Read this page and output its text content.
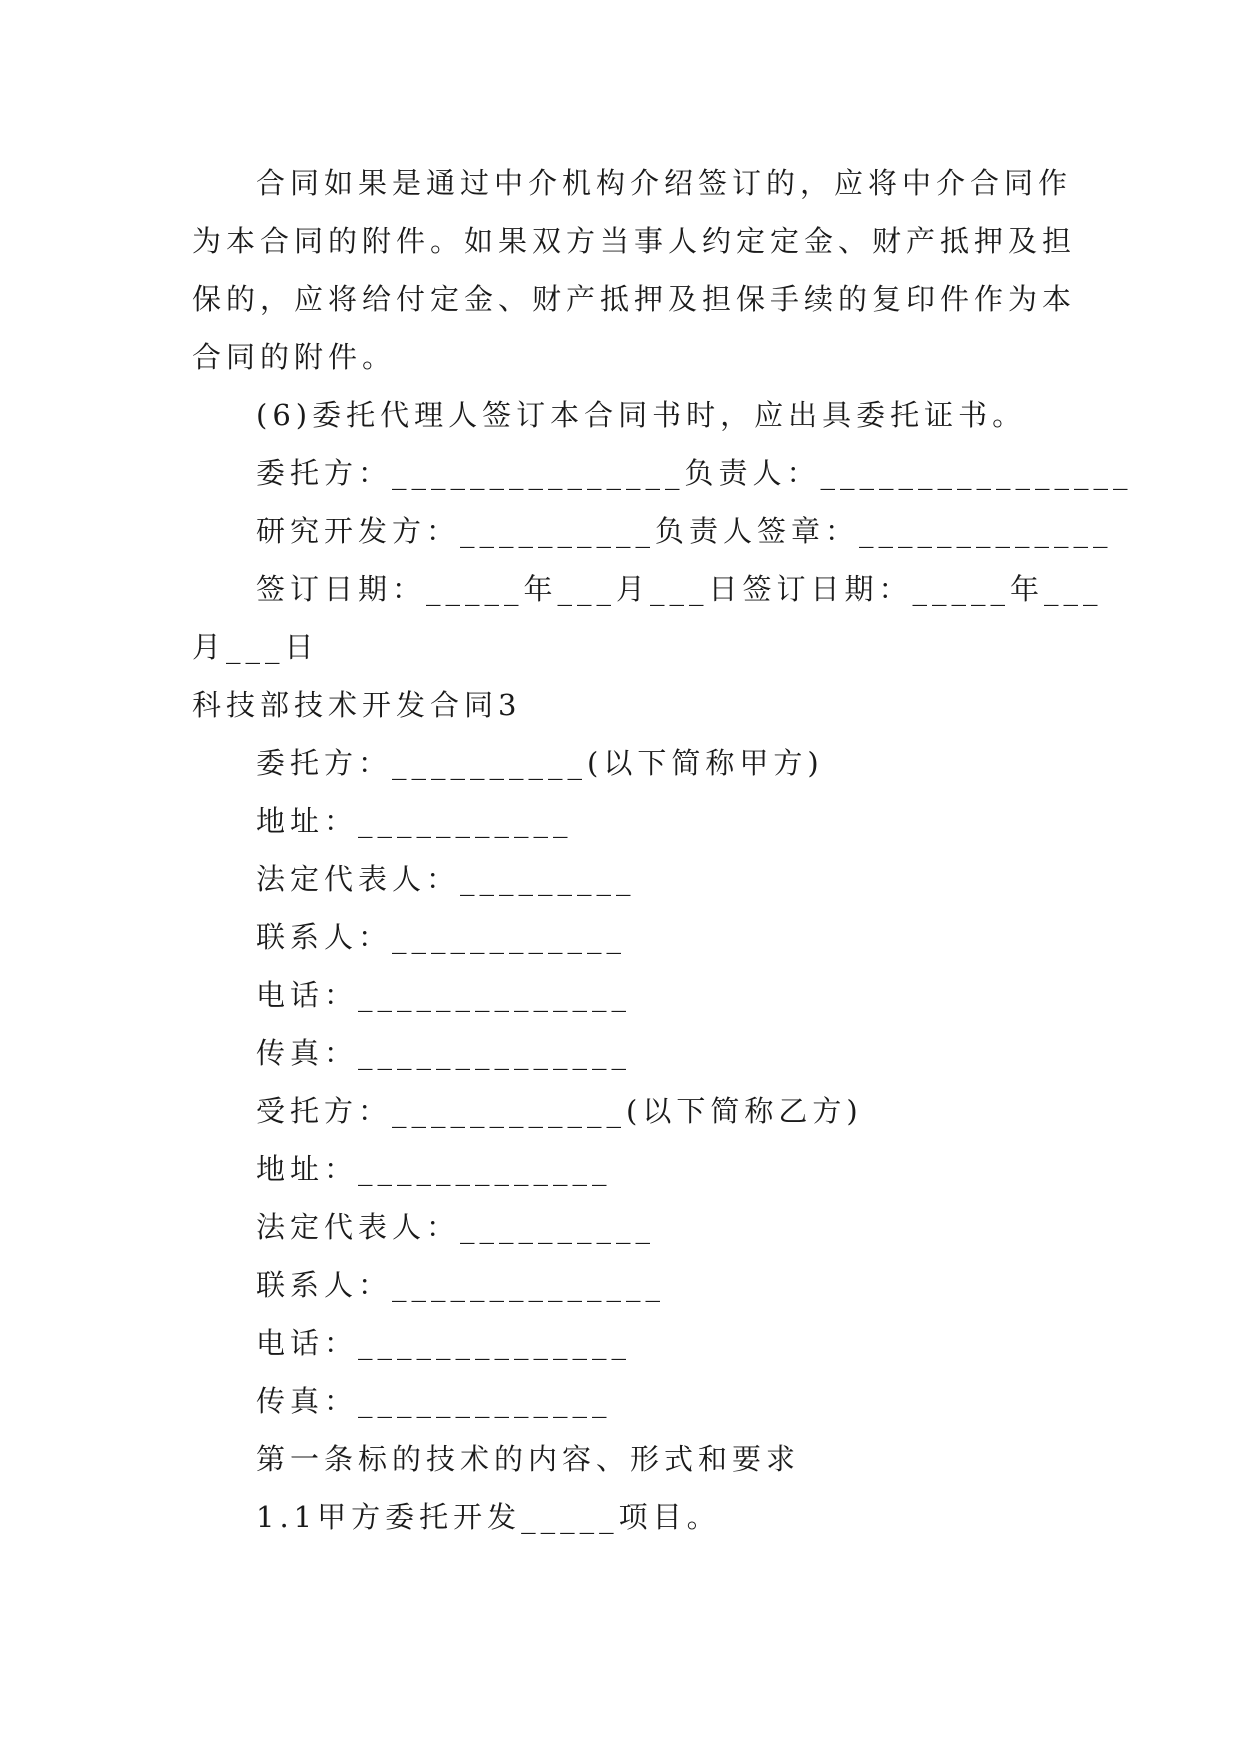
合同如果是通过中介机构介绍签订的，应将中介合同作
为本合同的附件。如果双方当事人约定定金、财产抵押及担
保的，应将给付定金、财产抵押及担保手续的复印件作为本
合同的附件。
(6)委托代理人签订本合同书时，应出具委托证书。
委托方：_______________负责人：________________
研究开发方：__________负责人签章：_____________
签订日期：_____年___月___日签订日期：_____年___
月___日
科技部技术开发合同3
委托方：__________(以下简称甲方)
地址：___________
法定代表人：_________
联系人：____________
电话：______________
传真：______________
受托方：____________(以下简称乙方)
地址：_____________
法定代表人：__________
联系人：______________
电话：______________
传真：_____________
第一条标的技术的内容、形式和要求
1.1甲方委托开发_____项目。
